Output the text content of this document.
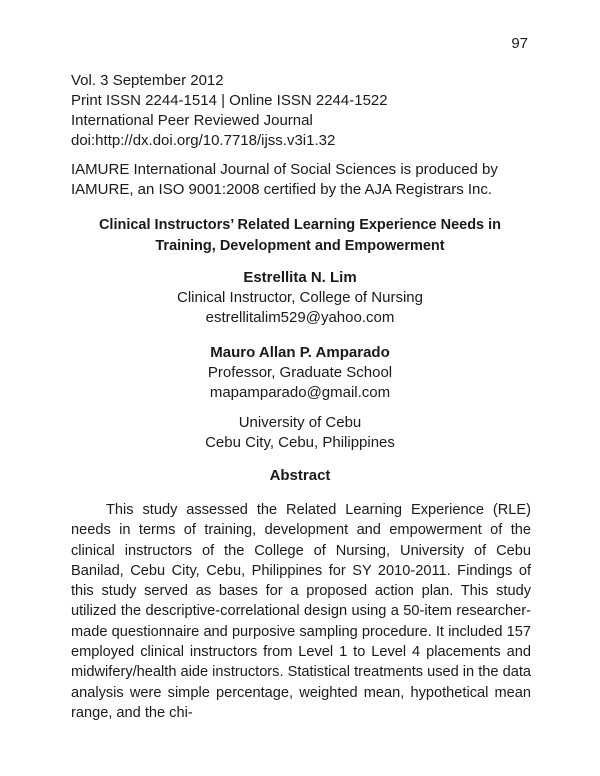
97
Vol. 3 September 2012
Print ISSN 2244-1514 | Online ISSN 2244-1522
International Peer Reviewed Journal
doi:http://dx.doi.org/10.7718/ijss.v3i1.32
IAMURE International Journal of Social Sciences is produced by IAMURE, an ISO 9001:2008 certified by the AJA Registrars Inc.
Clinical Instructors’ Related Learning Experience Needs in
Training, Development and Empowerment
Estrellita N. Lim
Clinical Instructor, College of Nursing
estrellitalim529@yahoo.com
Mauro Allan P. Amparado
Professor, Graduate School
mapamparado@gmail.com
University of Cebu
Cebu City, Cebu, Philippines
Abstract
This study assessed the Related Learning Experience (RLE) needs in terms of training, development and empowerment of the clinical instructors of the College of Nursing, University of Cebu Banilad, Cebu City, Cebu, Philippines for SY 2010-2011. Findings of this study served as bases for a proposed action plan. This study utilized the descriptive-correlational design using a 50-item researcher-made questionnaire and purposive sampling procedure. It included 157 employed clinical instructors from Level 1 to Level 4 placements and midwifery/health aide instructors. Statistical treatments used in the data analysis were simple percentage, weighted mean, hypothetical mean range, and the chi-
